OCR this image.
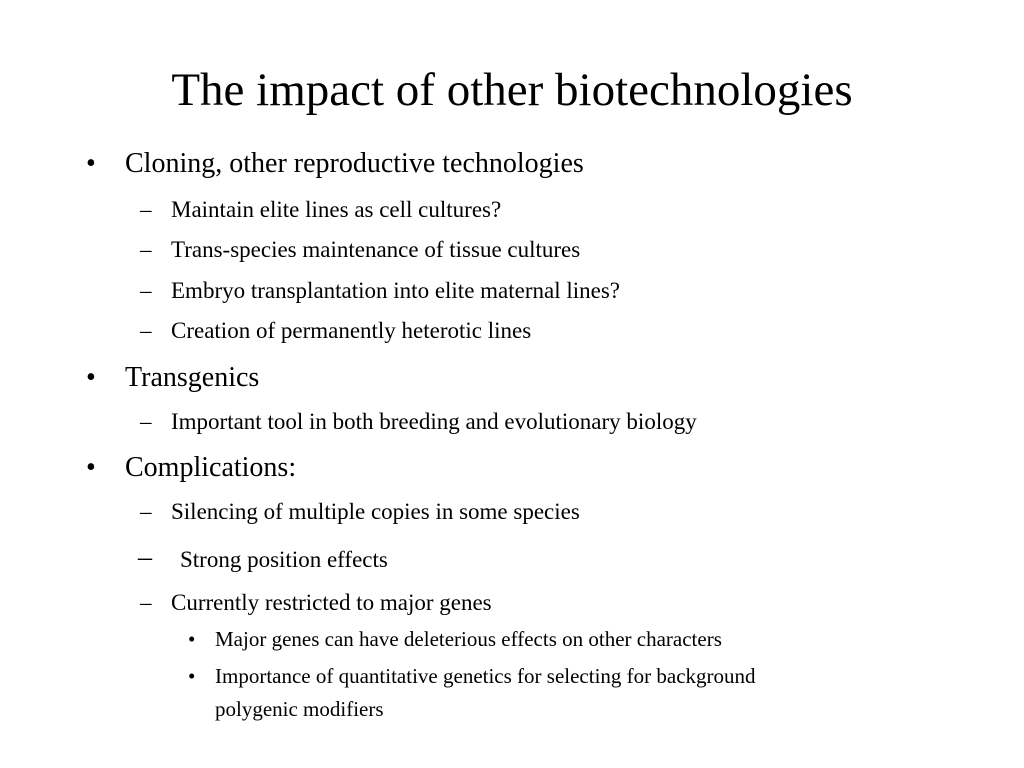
The impact of other biotechnologies
• Cloning, other reproductive technologies
– Maintain elite lines as cell cultures?
– Trans-species maintenance of tissue cultures
– Embryo transplantation into elite maternal lines?
– Creation of permanently heterotic lines
• Transgenics
– Important tool in both breeding and evolutionary biology
• Complications:
– Silencing of multiple copies in some species
– Strong position effects
– Currently restricted to major genes
• Major genes can have deleterious effects on other characters
• Importance of quantitative genetics for selecting for background
polygenic modifiers
